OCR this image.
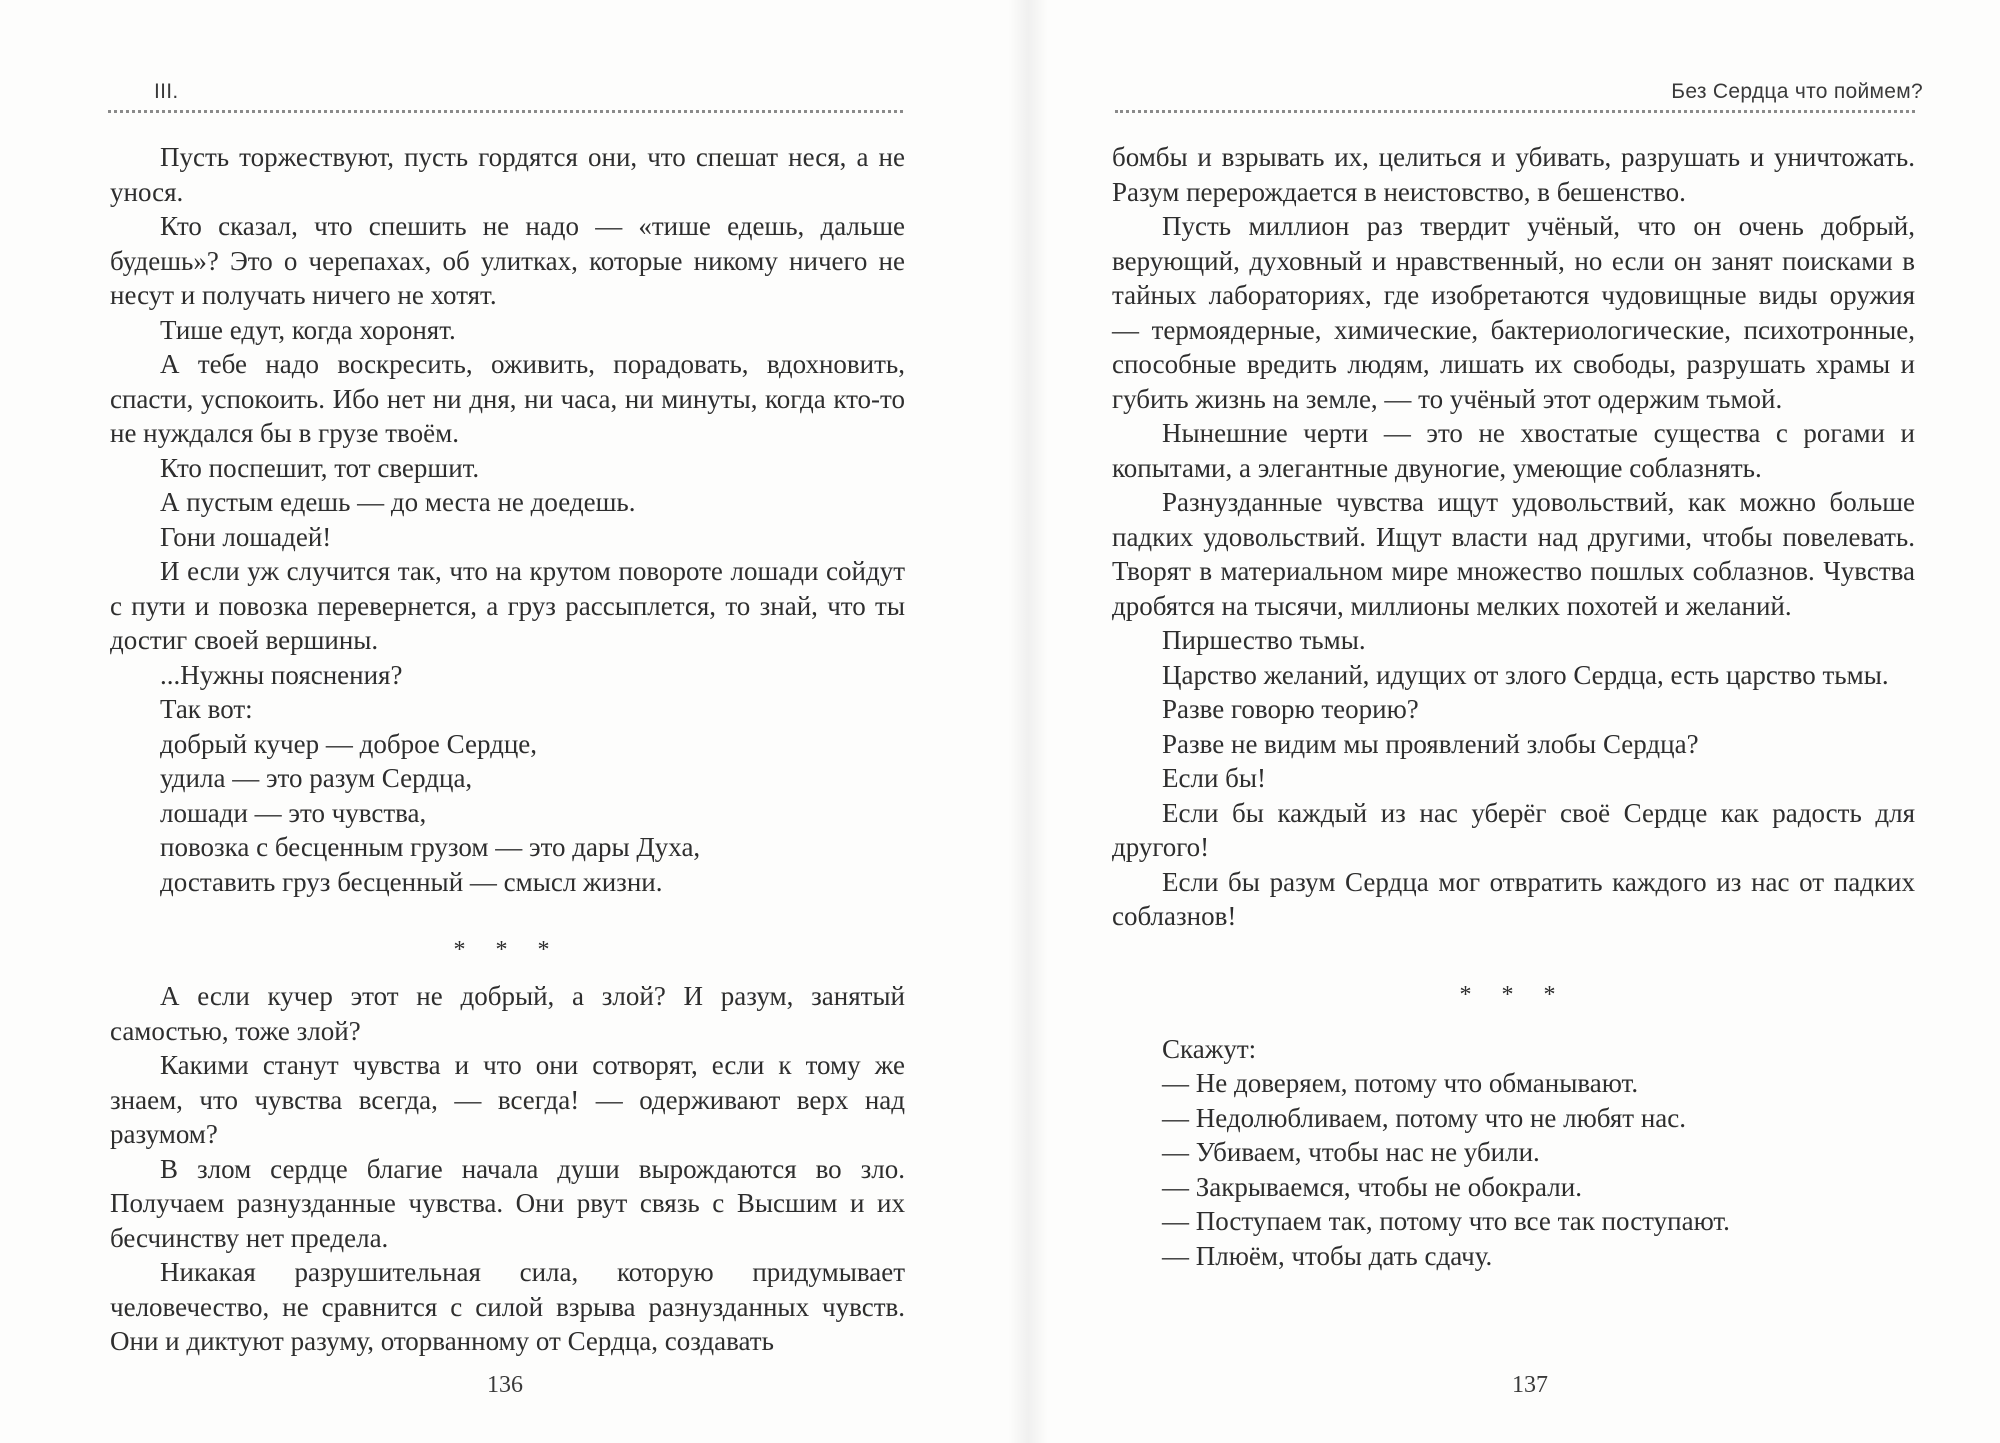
III.

Пусть торжествуют, пусть гордятся они, что спешат неся, а не унося.

Кто сказал, что спешить не надо — «тише едешь, дальше будешь»? Это о черепахах, об улитках, которые никому ничего не несут и получать ничего не хотят.

Тише едут, когда хоронят.

А тебе надо воскресить, оживить, порадовать, вдохновить, спасти, успокоить. Ибо нет ни дня, ни часа, ни минуты, когда кто-то не нуждался бы в грузе твоём.

Кто поспешит, тот свершит.

А пустым едешь — до места не доедешь.

Гони лошадей!

И если уж случится так, что на крутом повороте лошади сойдут с пути и повозка перевернется, а груз рассыплется, то знай, что ты достиг своей вершины.

...Нужны пояснения?

Так вот:

добрый кучер — доброе Сердце,

удила — это разум Сердца,

лошади — это чувства,

повозка с бесценным грузом — это дары Духа,

доставить груз бесценный — смысл жизни.

* * *

А если кучер этот не добрый, а злой? И разум, занятый самостью, тоже злой?

Какими станут чувства и что они сотворят, если к тому же знаем, что чувства всегда, — всегда! — одерживают верх над разумом?

В злом сердце благие начала души вырождаются во зло. Получаем разнузданные чувства. Они рвут связь с Высшим и их бесчинству нет предела.

Никакая разрушительная сила, которую придумывает человечество, не сравнится с силой взрыва разнузданных чувств. Они и диктуют разуму, оторванному от Сердца, создавать

136
Без Сердца что поймем?

бомбы и взрывать их, целиться и убивать, разрушать и уничтожать. Разум перерождается в неистовство, в бешенство.

Пусть миллион раз твердит учёный, что он очень добрый, верующий, духовный и нравственный, но если он занят поисками в тайных лабораториях, где изобретаются чудовищные виды оружия — термоядерные, химические, бактериологические, психотронные, способные вредить людям, лишать их свободы, разрушать храмы и губить жизнь на земле, — то учёный этот одержим тьмой.

Нынешние черти — это не хвостатые существа с рогами и копытами, а элегантные двуногие, умеющие соблазнять.

Разнузданные чувства ищут удовольствий, как можно больше падких удовольствий. Ищут власти над другими, чтобы повелевать. Творят в материальном мире множество пошлых соблазнов. Чувства дробятся на тысячи, миллионы мелких похотей и желаний.

Пиршество тьмы.

Царство желаний, идущих от злого Сердца, есть царство тьмы.

Разве говорю теорию?

Разве не видим мы проявлений злобы Сердца?

Если бы!

Если бы каждый из нас уберёг своё Сердце как радость для другого!

Если бы разум Сердца мог отвратить каждого из нас от падких соблазнов!

* * *

Скажут:

— Не доверяем, потому что обманывают.

— Недолюбливаем, потому что не любят нас.

— Убиваем, чтобы нас не убили.

— Закрываемся, чтобы не обокрали.

— Поступаем так, потому что все так поступают.

— Плюём, чтобы дать сдачу.

137
